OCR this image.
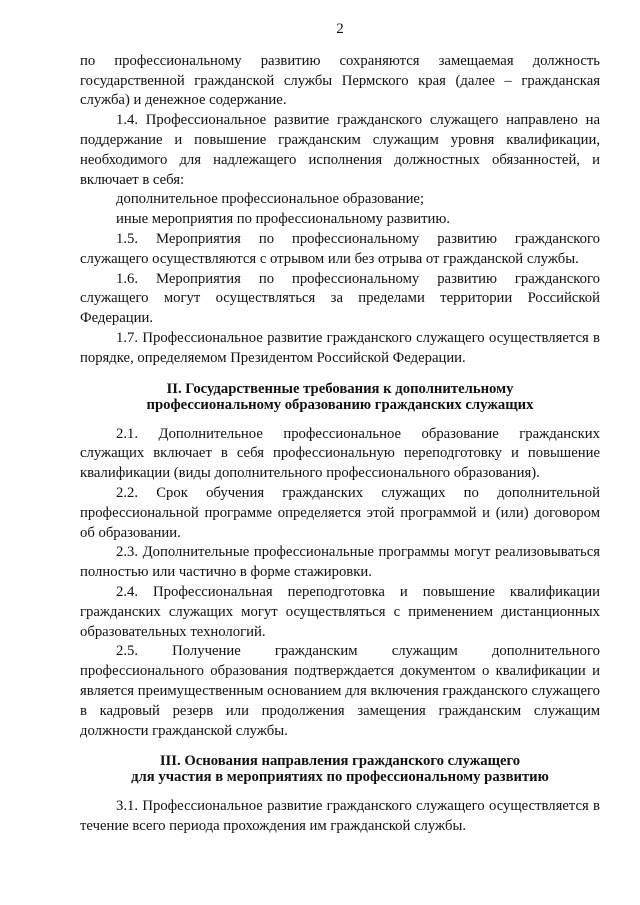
2

по профессиональному развитию сохраняются замещаемая должность государственной гражданской службы Пермского края (далее – гражданская служба) и денежное содержание.

1.4. Профессиональное развитие гражданского служащего направлено на поддержание и повышение гражданским служащим уровня квалификации, необходимого для надлежащего исполнения должностных обязанностей, и включает в себя:

дополнительное профессиональное образование;

иные мероприятия по профессиональному развитию.

1.5. Мероприятия по профессиональному развитию гражданского служащего осуществляются с отрывом или без отрыва от гражданской службы.

1.6. Мероприятия по профессиональному развитию гражданского служащего могут осуществляться за пределами территории Российской Федерации.

1.7. Профессиональное развитие гражданского служащего осуществляется в порядке, определяемом Президентом Российской Федерации.

II. Государственные требования к дополнительному
профессиональному образованию гражданских служащих

2.1. Дополнительное профессиональное образование гражданских служащих включает в себя профессиональную переподготовку и повышение квалификации (виды дополнительного профессионального образования).

2.2. Срок обучения гражданских служащих по дополнительной профессиональной программе определяется этой программой и (или) договором об образовании.

2.3. Дополнительные профессиональные программы могут реализовываться полностью или частично в форме стажировки.

2.4. Профессиональная переподготовка и повышение квалификации гражданских служащих могут осуществляться с применением дистанционных образовательных технологий.

2.5. Получение гражданским служащим дополнительного профессионального образования подтверждается документом о квалификации и является преимущественным основанием для включения гражданского служащего в кадровый резерв или продолжения замещения гражданским служащим должности гражданской службы.

III. Основания направления гражданского служащего
для участия в мероприятиях по профессиональному развитию

3.1. Профессиональное развитие гражданского служащего осуществляется в течение всего периода прохождения им гражданской службы.
